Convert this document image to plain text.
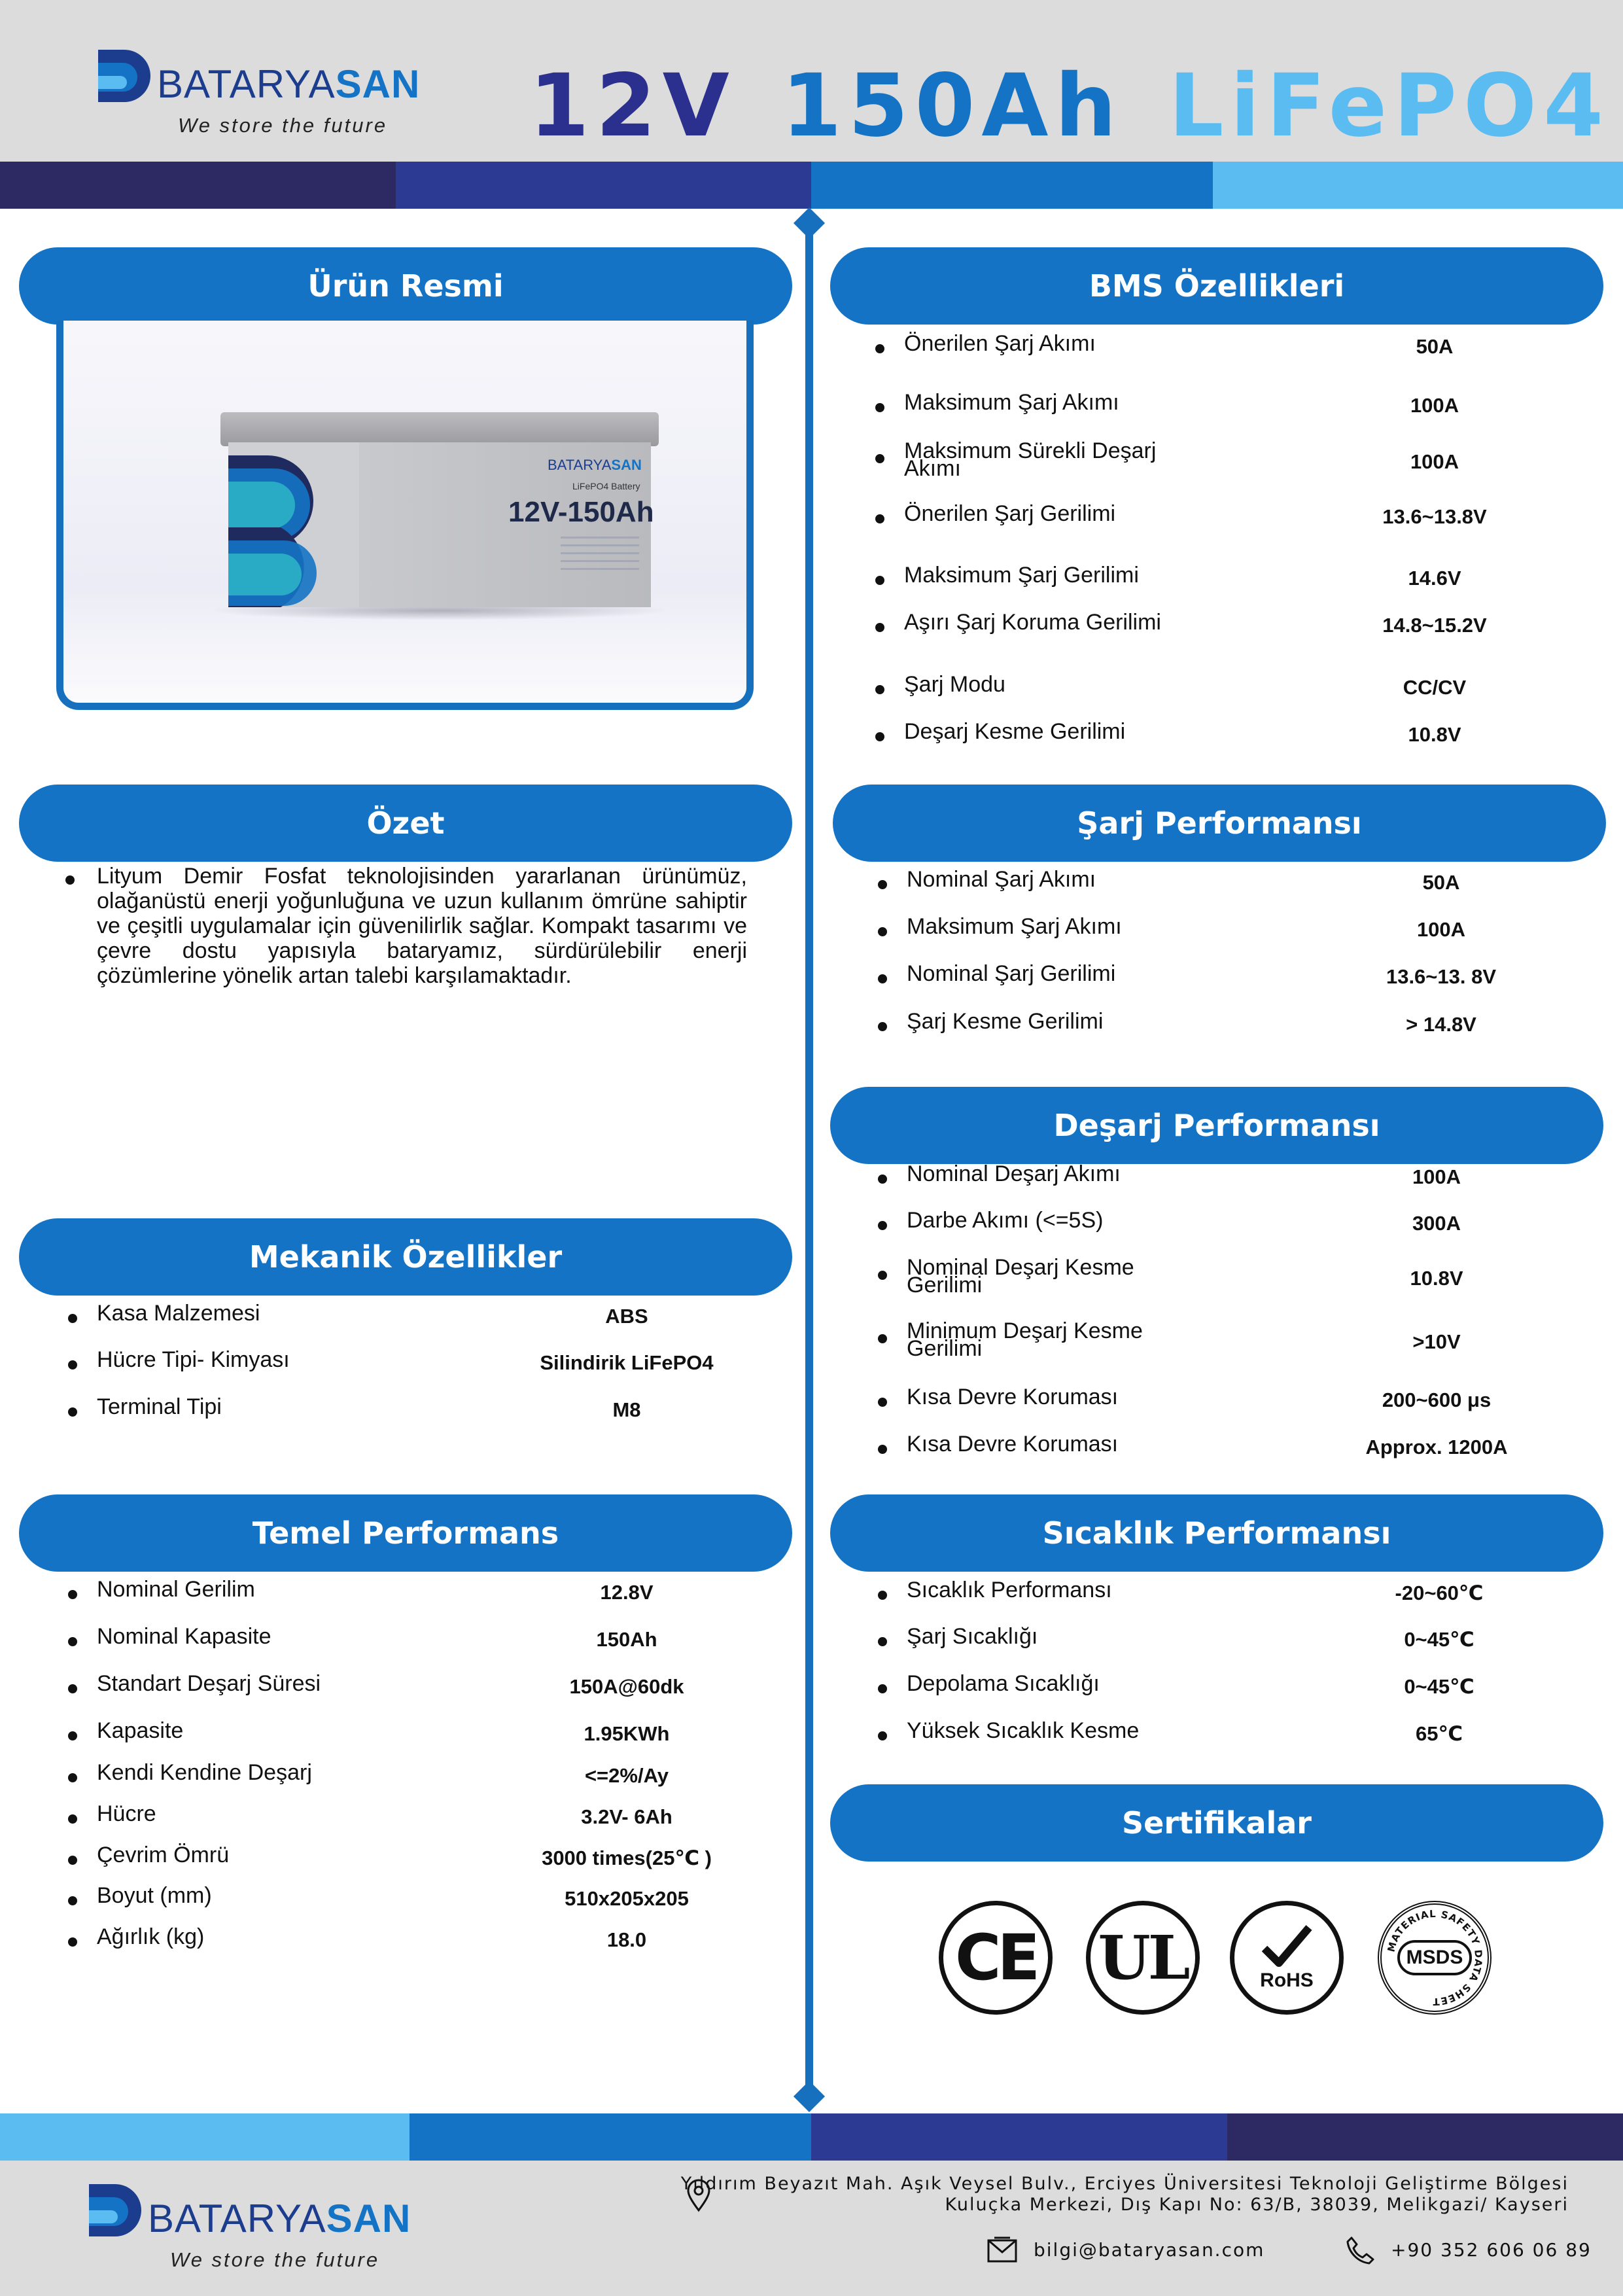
BATARYASAN
We store the future 12V 150Ah LiFePO4
Ürün Resmi
BATARYASAN
LiFePO4 Battery
12V-150Ah
Özet

Lityum Demir Fosfat teknolojisinden yararlanan ürünümüz, olağanüstü enerji yoğunluğuna ve uzun kullanım ömrüne sahiptir ve çeşitli uygulamalar için güvenilirlik sağlar. Kompakt tasarımı ve çevre dostu yapısıyla bataryamız, sürdürülebilir enerji çözümlerine yönelik artan talebi karşılamaktadır.

Mekanik Özellikler
Kasa Malzemesi	ABS
Hücre Tipi- Kimyası	Silindirik LiFePO4
Terminal Tipi	M8
Temel Performans
Nominal Gerilim	12.8V
Nominal Kapasite	150Ah
Standart Deşarj Süresi	150A@60dk
Kapasite	1.95KWh
Kendi Kendine Deşarj	<=2%/Ay
Hücre	3.2V- 6Ah
Çevrim Ömrü	3000 times(25℃ )
Boyut (mm)	510x205x205
Ağırlık (kg)	18.0
BMS Özellikleri
Önerilen Şarj Akımı	50A
Maksimum Şarj Akımı	100A
Maksimum Sürekli Deşarj Akımı	100A
Önerilen Şarj Gerilimi	13.6~13.8V
Maksimum Şarj Gerilimi	14.6V
Aşırı Şarj Koruma Gerilimi	14.8~15.2V
Şarj Modu	CC/CV
Deşarj Kesme Gerilimi	10.8V
Şarj Performansı
Nominal Şarj Akımı	50A
Maksimum Şarj Akımı	100A
Nominal Şarj Gerilimi	13.6~13. 8V
Şarj Kesme Gerilimi	> 14.8V
Deşarj Performansı
Nominal Deşarj Akımı	100A
Darbe Akımı (<=5S)	300A
Nominal Deşarj Kesme Gerilimi	10.8V
Minimum Deşarj Kesme Gerilimi	>10V
Kısa Devre Koruması	200~600 μs
Kısa Devre Koruması	Approx. 1200A
Sıcaklık Performansı
Sıcaklık Performansı	-20~60℃
Şarj Sıcaklığı	0~45℃
Depolama Sıcaklığı	0~45℃
Yüksek Sıcaklık Kesme	65℃
Sertifikalar
CE UL	RoHS
MATERIAL SAFETY DATA SHEET
MSDS
BATARYASAN
We store the future
Yıldırım Beyazıt Mah. Aşık Veysel Bulv., Erciyes Üniversitesi Teknoloji Geliştirme Bölgesi
Kuluçka Merkezi, Dış Kapı No: 63/B, 38039, Melikgazi/ Kayseri
bilgi@bataryasan.com	+90 352 606 06 89
